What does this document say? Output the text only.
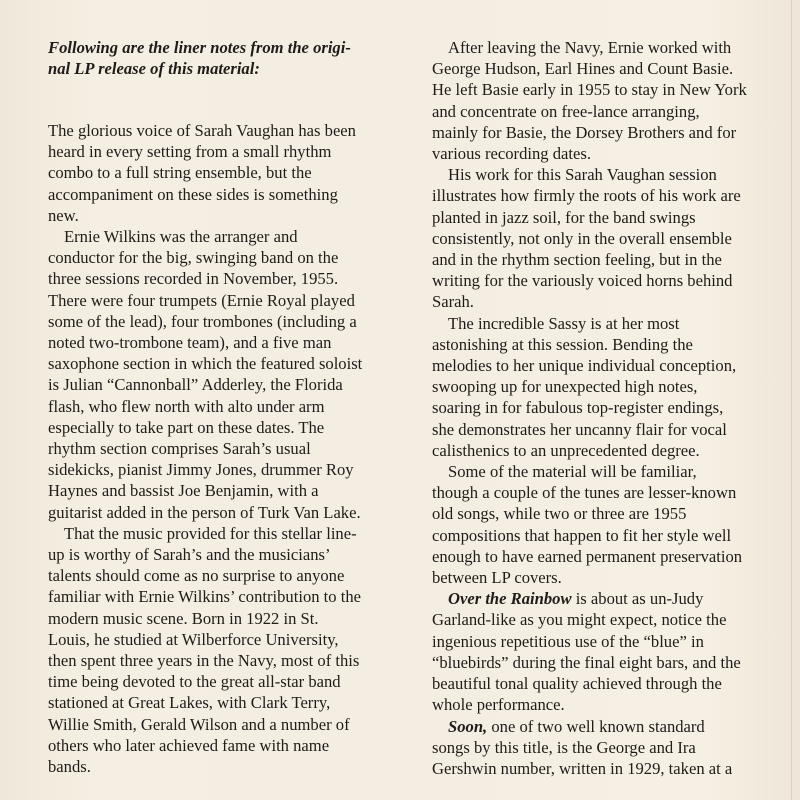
Following are the liner notes from the origi-
nal LP release of this material:

The glorious voice of Sarah Vaughan has been
heard in every setting from a small rhythm
combo to a full string ensemble, but the
accompaniment on these sides is something
new.

Ernie Wilkins was the arranger and
conductor for the big, swinging band on the
three sessions recorded in November, 1955.
There were four trumpets (Ernie Royal played
some of the lead), four trombones (including a
noted two-trombone team), and a five man
saxophone section in which the featured soloist
is Julian “Cannonball” Adderley, the Florida
flash, who flew north with alto under arm
especially to take part on these dates. The
rhythm section comprises Sarah’s usual
sidekicks, pianist Jimmy Jones, drummer Roy
Haynes and bassist Joe Benjamin, with a
guitarist added in the person of Turk Van Lake.

That the music provided for this stellar line-
up is worthy of Sarah’s and the musicians’
talents should come as no surprise to anyone
familiar with Ernie Wilkins’ contribution to the
modern music scene. Born in 1922 in St.
Louis, he studied at Wilberforce University,
then spent three years in the Navy, most of this
time being devoted to the great all-star band
stationed at Great Lakes, with Clark Terry,
Willie Smith, Gerald Wilson and a number of
others who later achieved fame with name
bands.

After leaving the Navy, Ernie worked with
George Hudson, Earl Hines and Count Basie.
He left Basie early in 1955 to stay in New York
and concentrate on free-lance arranging,
mainly for Basie, the Dorsey Brothers and for
various recording dates.

His work for this Sarah Vaughan session
illustrates how firmly the roots of his work are
planted in jazz soil, for the band swings
consistently, not only in the overall ensemble
and in the rhythm section feeling, but in the
writing for the variously voiced horns behind
Sarah.

The incredible Sassy is at her most
astonishing at this session. Bending the
melodies to her unique individual conception,
swooping up for unexpected high notes,
soaring in for fabulous top-register endings,
she demonstrates her uncanny flair for vocal
calisthenics to an unprecedented degree.

Some of the material will be familiar,
though a couple of the tunes are lesser-known
old songs, while two or three are 1955
compositions that happen to fit her style well
enough to have earned permanent preservation
between LP covers.

Over the Rainbow is about as un-Judy
Garland-like as you might expect, notice the
ingenious repetitious use of the “blue” in
“bluebirds” during the final eight bars, and the
beautiful tonal quality achieved through the
whole performance.

Soon, one of two well known standard
songs by this title, is the George and Ira
Gershwin number, written in 1929, taken at a
